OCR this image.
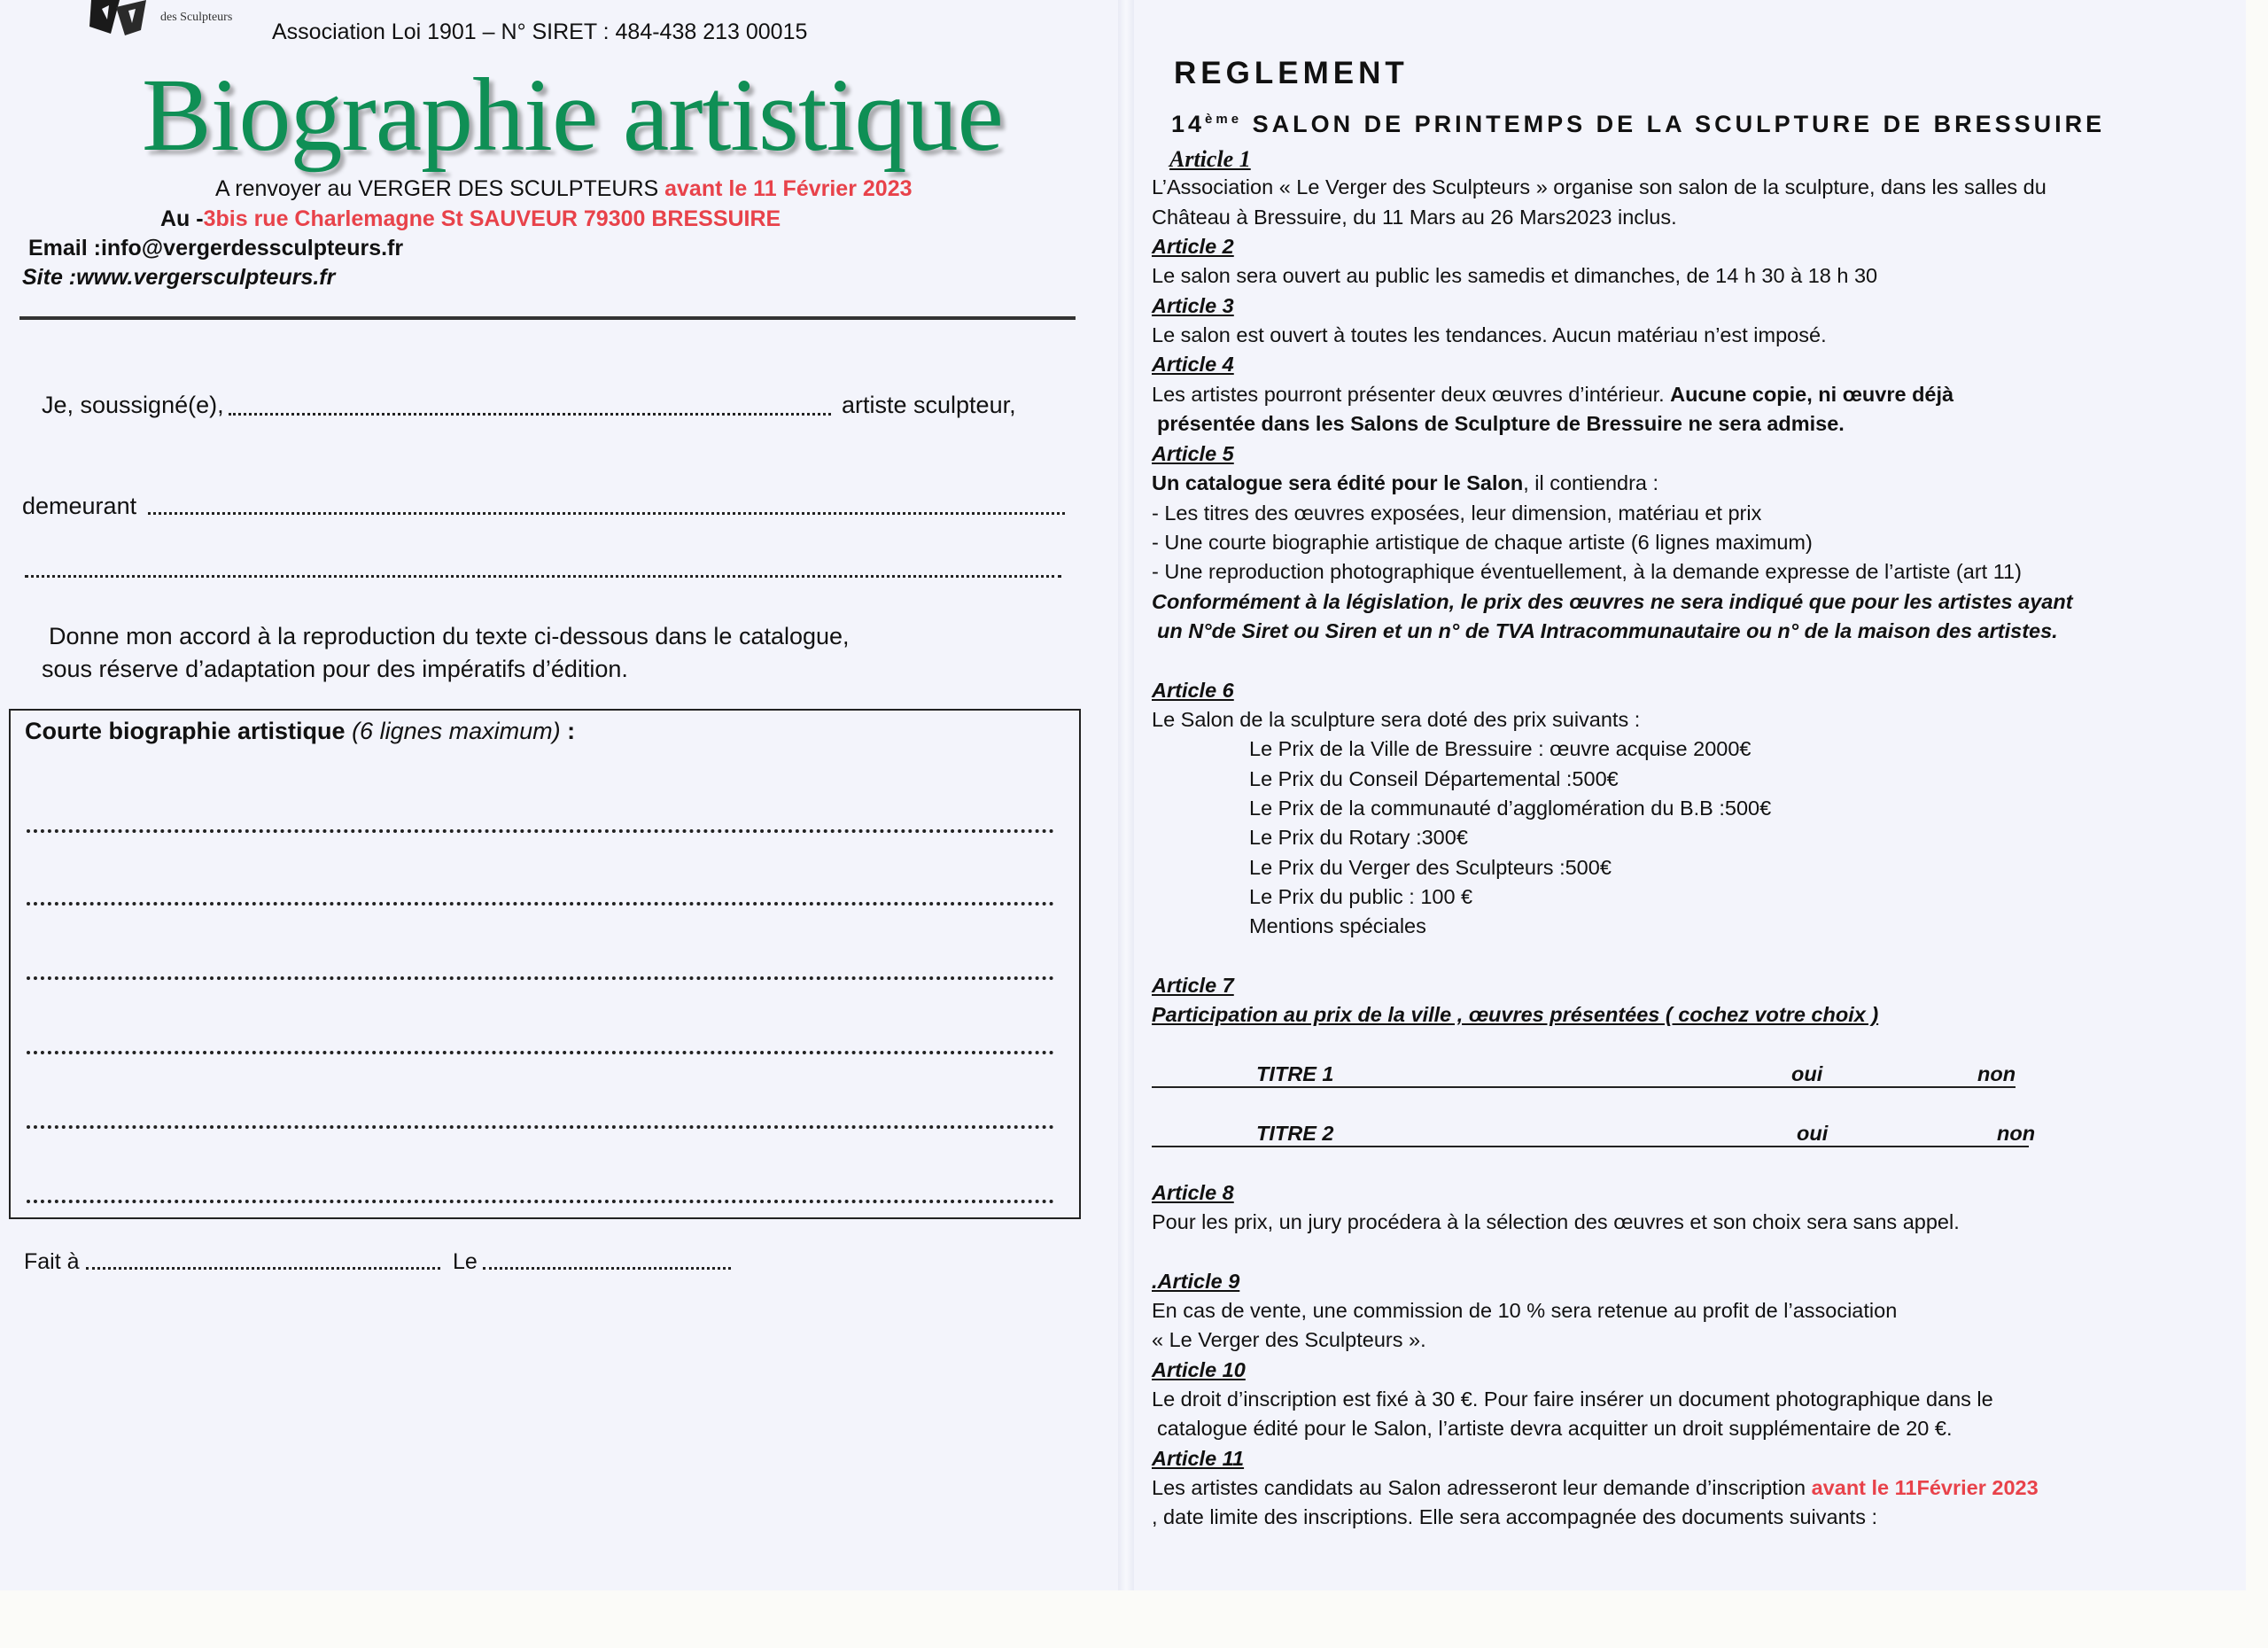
des Sculpteurs
Association Loi 1901 – N° SIRET : 484-438 213 00015
Biographie artistique
A renvoyer au VERGER DES SCULPTEURS avant le 11 Février 2023
Au -3bis rue Charlemagne St SAUVEUR 79300 BRESSUIRE
Email :info@vergerdessculpteurs.fr
Site :www.vergersculpteurs.fr
Je, soussigné(e),	artiste sculpteur,
demeurant
Donne mon accord à la reproduction du texte ci-dessous dans le catalogue,
sous réserve d’adaptation pour des impératifs d’édition.
Courte biographie artistique (6 lignes maximum) :
Fait à	Le
REGLEMENT
14ème SALON DE PRINTEMPS DE LA SCULPTURE DE BRESSUIRE
Article 1
L’Association « Le Verger des Sculpteurs » organise son salon de la sculpture, dans les salles du
Château à Bressuire, du 11 Mars au 26 Mars2023 inclus.
Article 2
Le salon sera ouvert au public les samedis et dimanches, de 14 h 30 à 18 h 30
Article 3
Le salon est ouvert à toutes les tendances. Aucun matériau n’est imposé.
Article 4
Les artistes pourront présenter deux œuvres d’intérieur. Aucune copie, ni œuvre déjà
présentée dans les Salons de Sculpture de Bressuire ne sera admise.
Article 5
Un catalogue sera édité pour le Salon, il contiendra :
- Les titres des œuvres exposées, leur dimension, matériau et prix
- Une courte biographie artistique de chaque artiste (6 lignes maximum)
- Une reproduction photographique éventuellement, à la demande expresse de l’artiste (art 11)
Conformément à la législation, le prix des œuvres ne sera indiqué que pour les artistes ayant
un N°de Siret ou Siren et un n° de TVA Intracommunautaire ou n° de la maison des artistes.
Article 6
Le Salon de la sculpture sera doté des prix suivants :
Le Prix de la Ville de Bressuire : œuvre acquise 2000€
Le Prix du Conseil Départemental :500€
Le Prix de la communauté d’agglomération du B.B :500€
Le Prix du Rotary :300€
Le Prix du Verger des Sculpteurs :500€
Le Prix du public : 100 €
Mentions spéciales
Article 7
Participation au prix de la ville , œuvres présentées ( cochez votre choix )
TITRE 1	oui	non
TITRE 2	oui	non
Article 8
Pour les prix, un jury procédera à la sélection des œuvres et son choix sera sans appel.
.Article 9
En cas de vente, une commission de 10 % sera retenue au profit de l’association
« Le Verger des Sculpteurs ».
Article 10
Le droit d’inscription est fixé à 30 €. Pour faire insérer un document photographique dans le
catalogue édité pour le Salon, l’artiste devra acquitter un droit supplémentaire de 20 €.
Article 11
Les artistes candidats au Salon adresseront leur demande d’inscription avant le 11Février 2023
, date limite des inscriptions. Elle sera accompagnée des documents suivants :
